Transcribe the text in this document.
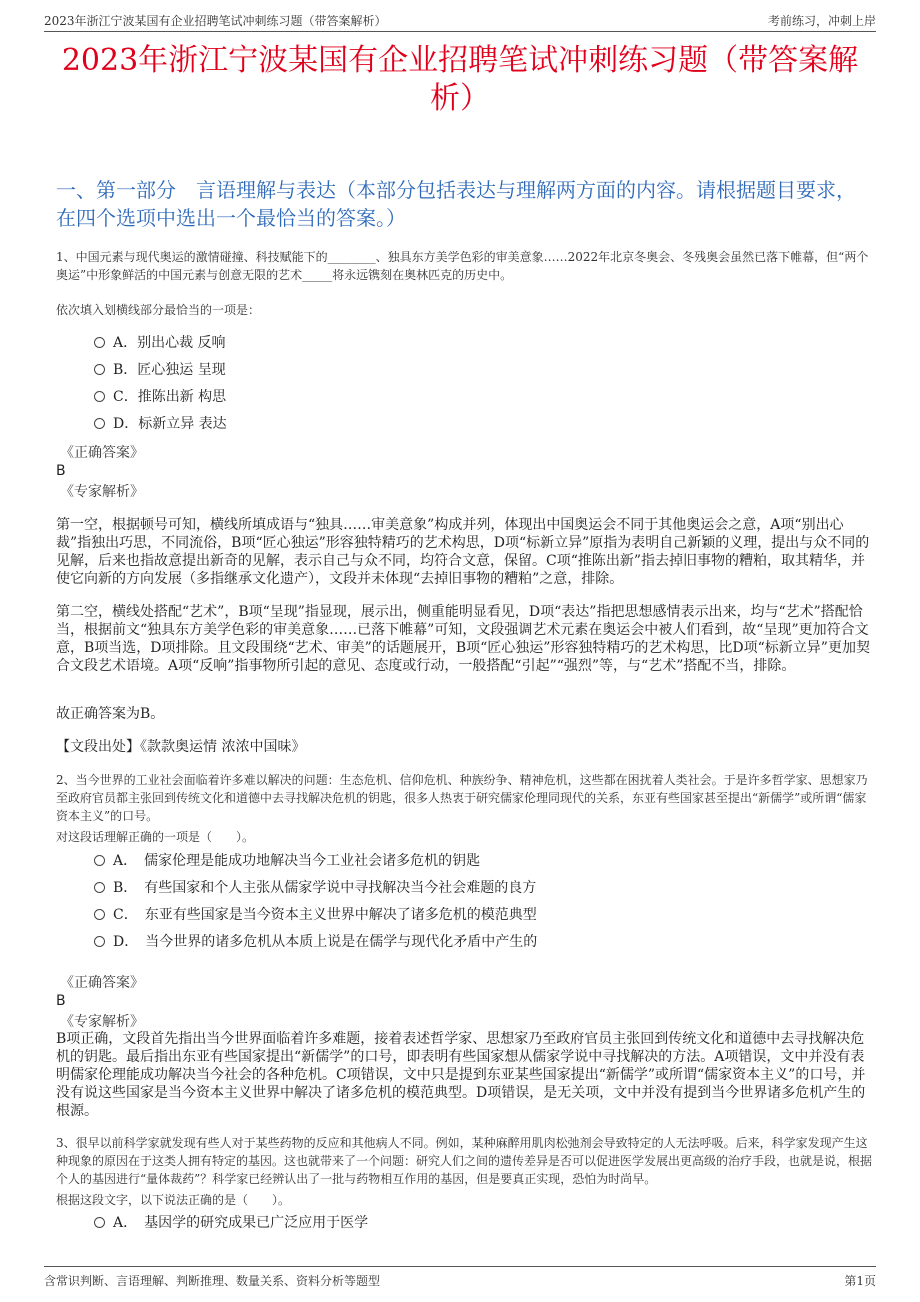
2023年浙江宁波某国有企业招聘笔试冲刺练习题（带答案解析）	考前练习，冲刺上岸
2023年浙江宁波某国有企业招聘笔试冲刺练习题（带答案解析）
一、第一部分　言语理解与表达（本部分包括表达与理解两方面的内容。请根据题目要求，在四个选项中选出一个最恰当的答案。）
1、中国元素与现代奥运的激情碰撞、科技赋能下的________、独具东方美学色彩的审美意象……2022年北京冬奥会、冬残奥会虽然已落下帷幕，但“两个奥运”中形象鲜活的中国元素与创意无限的艺术_____将永远镌刻在奥林匹克的历史中。
依次填入划横线部分最恰当的一项是：
A．别出心裁 反响
B．匠心独运 呈现
C．推陈出新 构思
D．标新立异 表达
《正确答案》
B
《专家解析》
第一空，根据顿号可知，横线所填成语与“独具……审美意象”构成并列，体现出中国奥运会不同于其他奥运会之意，A项“别出心裁”指独出巧思，不同流俗，B项“匠心独运”形容独特精巧的艺术构思，D项“标新立异”原指为表明自己新颖的义理，提出与众不同的见解，后来也指故意提出新奇的见解，表示自己与众不同，均符合文意，保留。C项“推陈出新”指去掉旧事物的糟粕，取其精华，并使它向新的方向发展（多指继承文化遗产），文段并未体现“去掉旧事物的糟粕”之意，排除。
第二空，横线处搭配“艺术”，B项“呈现”指显现，展示出，侧重能明显看见，D项“表达”指把思想感情表示出来，均与“艺术”搭配恰当，根据前文“独具东方美学色彩的审美意象……已落下帷幕”可知，文段强调艺术元素在奥运会中被人们看到，故“呈现”更加符合文意，B项当选，D项排除。且文段围绕“艺术、审美”的话题展开，B项“匠心独运”形容独特精巧的艺术构思，比D项“标新立异”更加契合文段艺术语境。A项“反响”指事物所引起的意见、态度或行动，一般搭配“引起”“强烈”等，与“艺术”搭配不当，排除。
故正确答案为B。
【文段出处】《款款奥运情 浓浓中国味》
2、当今世界的工业社会面临着许多难以解决的问题：生态危机、信仰危机、种族纷争、精神危机，这些都在困扰着人类社会。于是许多哲学家、思想家乃至政府官员都主张回到传统文化和道德中去寻找解决危机的钥匙，很多人热衷于研究儒家伦理同现代的关系，东亚有些国家甚至提出“新儒学”或所谓“儒家资本主义”的口号。
对这段话理解正确的一项是（　　）。
A．　儒家伦理是能成功地解决当今工业社会诸多危机的钥匙
B．　有些国家和个人主张从儒家学说中寻找解决当今社会难题的良方
C．　东亚有些国家是当今资本主义世界中解决了诸多危机的模范典型
D．　当今世界的诸多危机从本质上说是在儒学与现代化矛盾中产生的
《正确答案》
B
《专家解析》
B项正确，文段首先指出当今世界面临着许多难题，接着表述哲学家、思想家乃至政府官员主张回到传统文化和道德中去寻找解决危机的钥匙。最后指出东亚有些国家提出“新儒学”的口号，即表明有些国家想从儒家学说中寻找解决的方法。A项错误，文中并没有表明儒家伦理能成功解决当今社会的各种危机。C项错误，文中只是提到东亚某些国家提出“新儒学”或所谓“儒家资本主义”的口号，并没有说这些国家是当今资本主义世界中解决了诸多危机的模范典型。D项错误，是无关项，文中并没有提到当今世界诸多危机产生的根源。
3、很早以前科学家就发现有些人对于某些药物的反应和其他病人不同。例如，某种麻醉用肌肉松弛剂会导致特定的人无法呼吸。后来，科学家发现产生这种现象的原因在于这类人拥有特定的基因。这也就带来了一个问题：研究人们之间的遗传差异是否可以促进医学发展出更高级的治疗手段，也就是说，根据个人的基因进行“量体裁药”？科学家已经辨认出了一批与药物相互作用的基因，但是要真正实现，恐怕为时尚早。
根据这段文字，以下说法正确的是（　　）。
A．　基因学的研究成果已广泛应用于医学
含常识判断、言语理解、判断推理、数量关系、资料分析等题型	第1页
